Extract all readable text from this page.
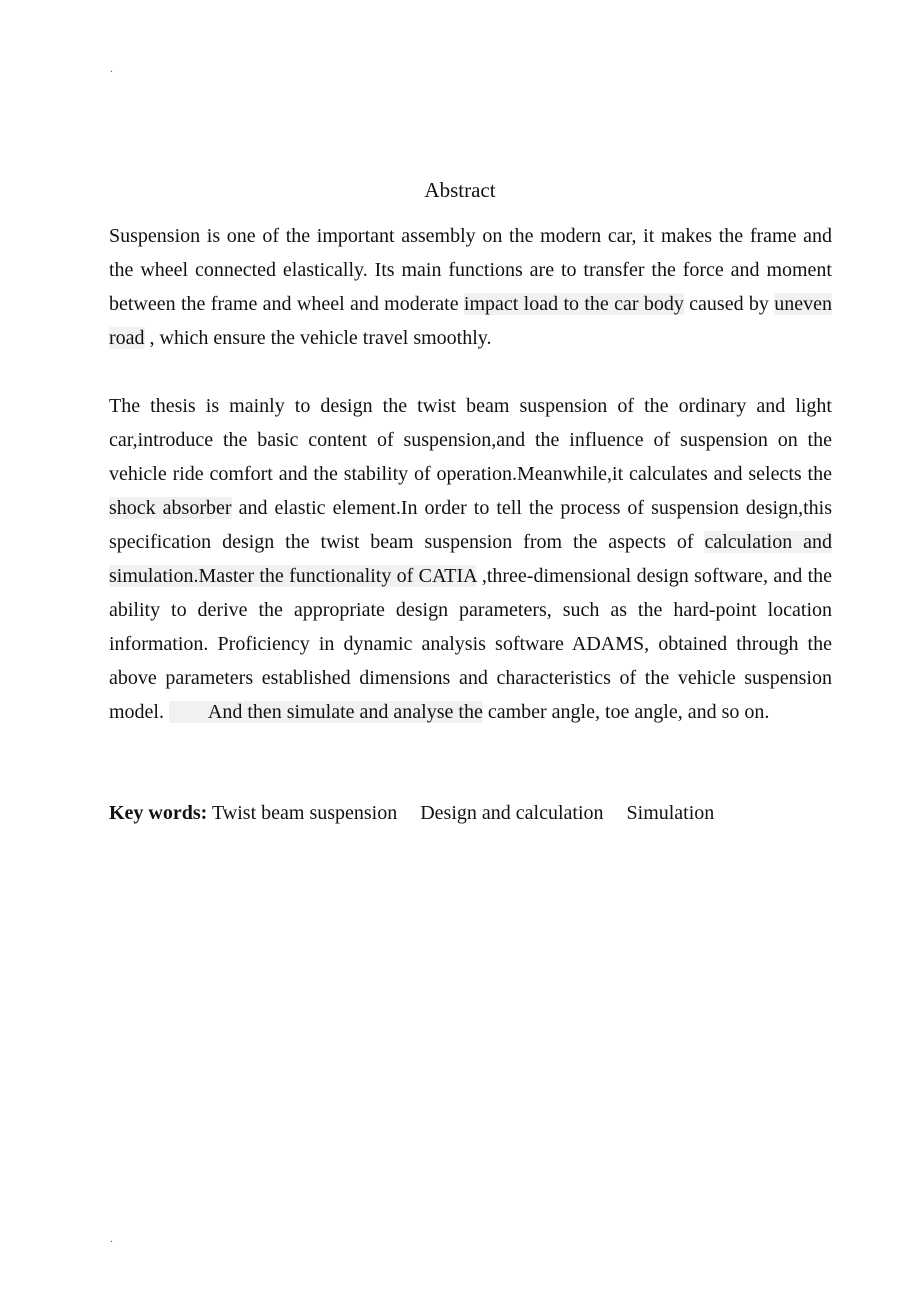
.
Abstract
Suspension is one of the important assembly on the modern car, it makes the frame and the wheel connected elastically. Its main functions are to transfer the force and moment between the frame and wheel and moderate impact load to the car body caused by uneven road , which ensure the vehicle travel smoothly.
The thesis is mainly to design the twist beam suspension of the ordinary and light car,introduce the basic content of suspension,and the influence of suspension on the vehicle ride comfort and the stability of operation.Meanwhile,it calculates and selects the shock absorber and elastic element.In order to tell the process of suspension design,this specification design the twist beam suspension from the aspects of calculation and simulation.Master the functionality of CATIA ,three-dimensional design software, and the ability to derive the appropriate design parameters, such as the hard-point location information. Proficiency in dynamic analysis software ADAMS, obtained through the above parameters established dimensions and characteristics of the vehicle suspension model.         And then simulate and analyse the camber angle, toe angle, and so on.
Key words: Twist beam suspension Design and calculation Simulation
.
